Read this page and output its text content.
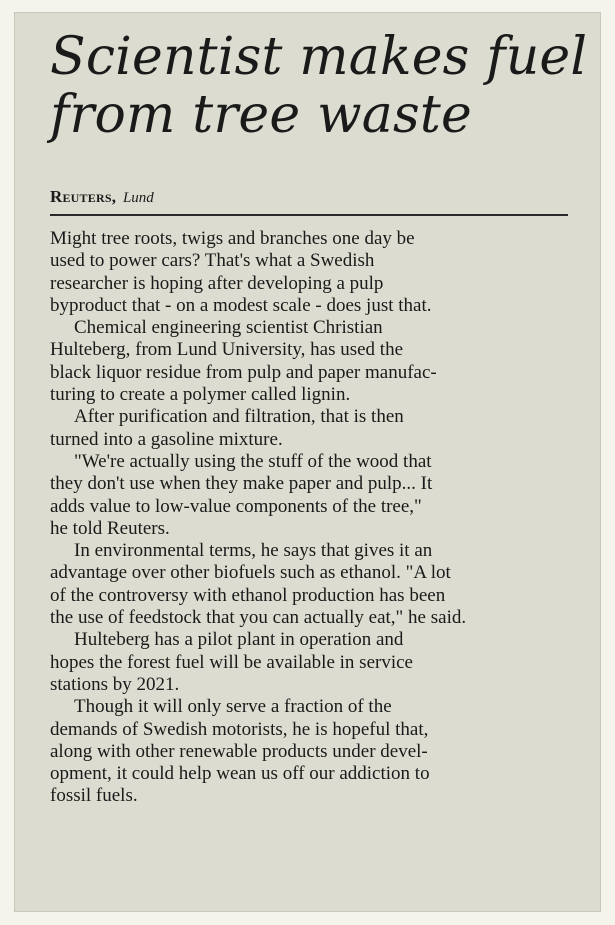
Scientist makes fuel
from tree waste
Reuters, Lund
Might tree roots, twigs and branches one day be
used to power cars? That's what a Swedish
researcher is hoping after developing a pulp
byproduct that - on a modest scale - does just that.
Chemical engineering scientist Christian
Hulteberg, from Lund University, has used the
black liquor residue from pulp and paper manufac-
turing to create a polymer called lignin.
After purification and filtration, that is then
turned into a gasoline mixture.
"We're actually using the stuff of the wood that
they don't use when they make paper and pulp... It
adds value to low-value components of the tree,"
he told Reuters.
In environmental terms, he says that gives it an
advantage over other biofuels such as ethanol. "A lot
of the controversy with ethanol production has been
the use of feedstock that you can actually eat," he said.
Hulteberg has a pilot plant in operation and
hopes the forest fuel will be available in service
stations by 2021.
Though it will only serve a fraction of the
demands of Swedish motorists, he is hopeful that,
along with other renewable products under devel-
opment, it could help wean us off our addiction to
fossil fuels.
